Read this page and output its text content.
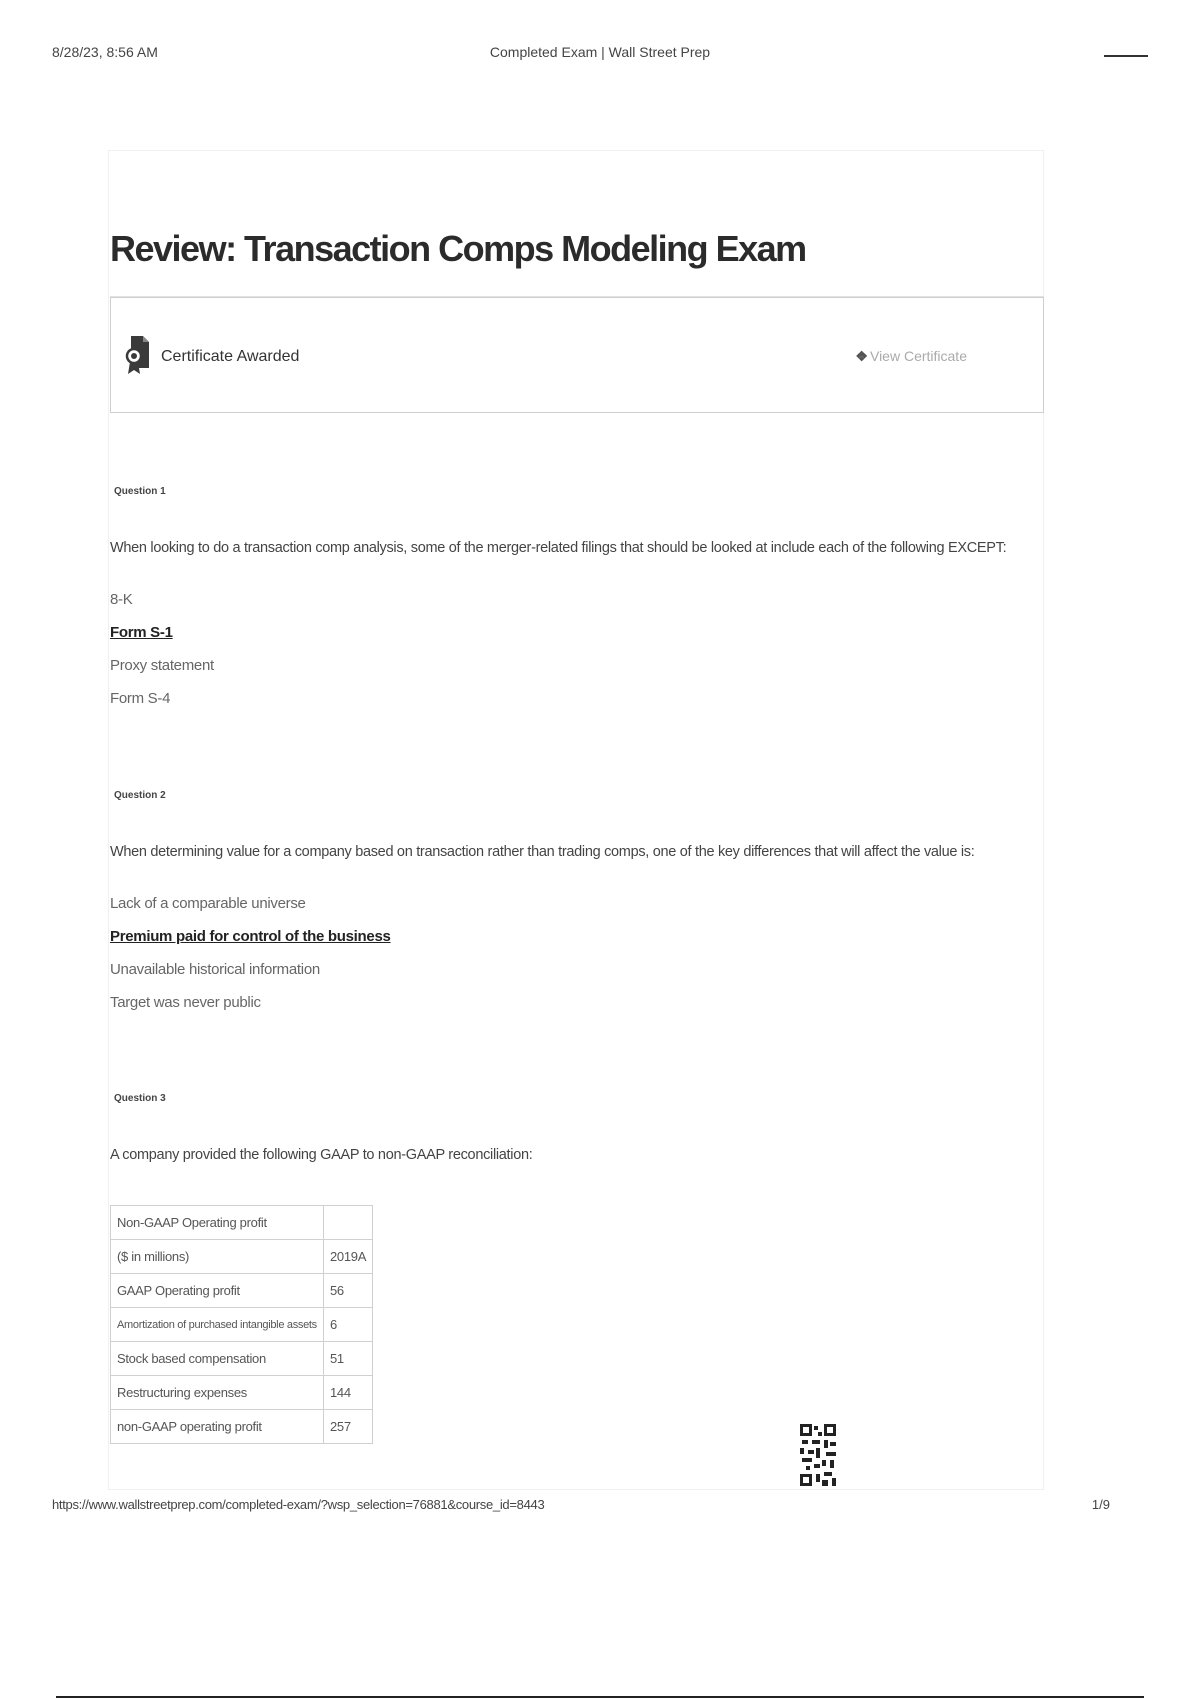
8/28/23, 8:56 AM	Completed Exam | Wall Street Prep
Review: Transaction Comps Modeling Exam
Certificate Awarded	❖ View Certificate
Question 1
When looking to do a transaction comp analysis, some of the merger-related filings that should be looked at include each of the following EXCEPT:
8-K
Form S-1
Proxy statement
Form S-4
Question 2
When determining value for a company based on transaction rather than trading comps, one of the key differences that will affect the value is:
Lack of a comparable universe
Premium paid for control of the business
Unavailable historical information
Target was never public
Question 3
A company provided the following GAAP to non-GAAP reconciliation:
Non-GAAP Operating profit	
($ in millions)	2019A
GAAP Operating profit	56
Amortization of purchased intangible assets	6
Stock based compensation	51
Restructuring expenses	144
non-GAAP operating profit	257
https://www.wallstreetprep.com/completed-exam/?wsp_selection=76881&course_id=8443	1/9
